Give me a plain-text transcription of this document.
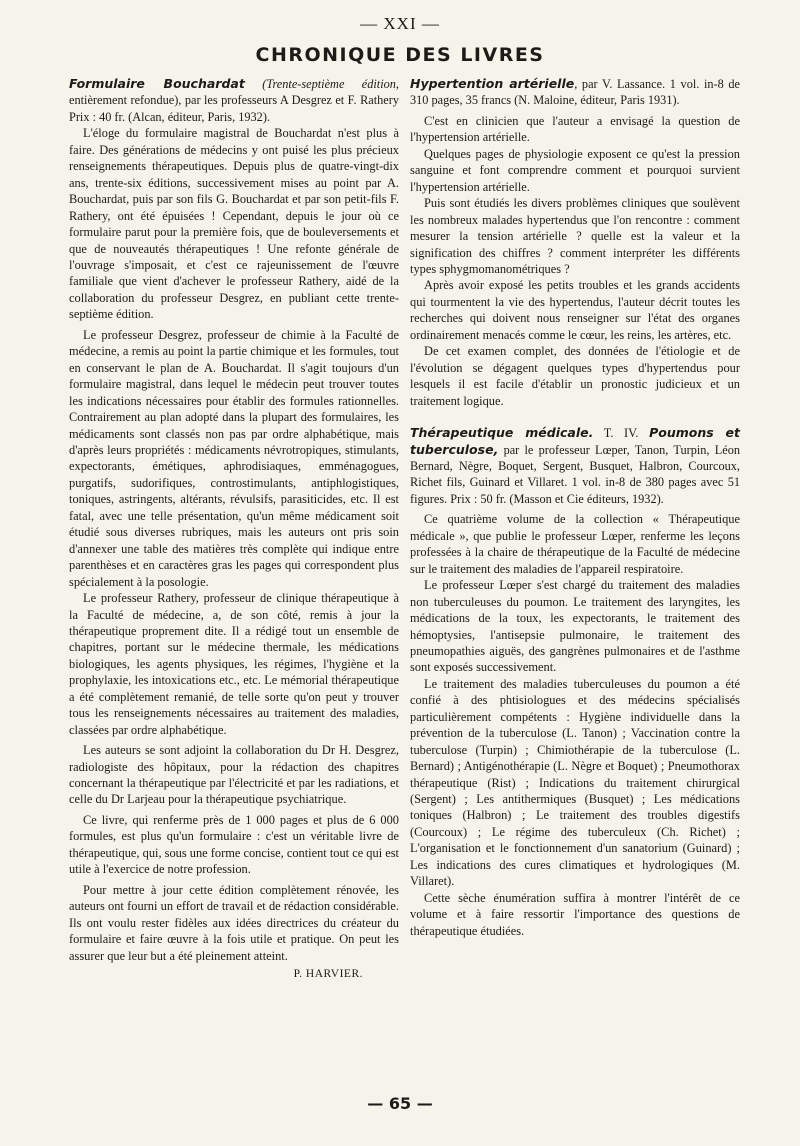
— XXI —
CHRONIQUE DES LIVRES

Formulaire Bouchardat (Trente-septième édition, entièrement refondue), par les professeurs A Desgrez et F. Rathery Prix : 40 fr. (Alcan, éditeur, Paris, 1932).

L'éloge du formulaire magistral de Bouchardat n'est plus à faire. Des générations de médecins y ont puisé les plus précieux renseignements thérapeutiques. Depuis plus de quatre-vingt-dix ans, trente-six éditions, successivement mises au point par A. Bouchardat, puis par son fils G. Bouchardat et par son petit-fils F. Rathery, ont été épuisées ! Cependant, depuis le jour où ce formulaire parut pour la première fois, que de bouleversements et que de nouveautés thérapeutiques ! Une refonte générale de l'ouvrage s'imposait, et c'est ce rajeunissement de l'œuvre familiale que vient d'achever le professeur Rathery, aidé de la collaboration du professeur Desgrez, en publiant cette trente-septième édition.

Le professeur Desgrez, professeur de chimie à la Faculté de médecine, a remis au point la partie chimique et les formules, tout en conservant le plan de A. Bouchardat. Il s'agit toujours d'un formulaire magistral, dans lequel le médecin peut trouver toutes les indications nécessaires pour établir des formules rationnelles. Contrairement au plan adopté dans la plupart des formulaires, les médicaments sont classés non pas par ordre alphabétique, mais d'après leurs propriétés : médicaments névrotropiques, stimulants, expectorants, émétiques, aphrodisiaques, emménagogues, purgatifs, sudorifiques, controstimulants, antiphlogistiques, toniques, astringents, altérants, révulsifs, parasiticides, etc. Il est fatal, avec une telle présentation, qu'un même médicament soit étudié sous diverses rubriques, mais les auteurs ont pris soin d'annexer une table des matières très complète qui indique entre parenthèses et en caractères gras les pages qui correspondent plus spécialement à la posologie.

Le professeur Rathery, professeur de clinique thérapeutique à la Faculté de médecine, a, de son côté, remis à jour la thérapeutique proprement dite. Il a rédigé tout un ensemble de chapitres, portant sur le médecine thermale, les médications biologiques, les agents physiques, les régimes, l'hygiène et la prophylaxie, les intoxications etc., etc. Le mémorial thérapeutique a été complètement remanié, de telle sorte qu'on peut y trouver tous les renseignements nécessaires au traitement des maladies, classées par ordre alphabétique.

Les auteurs se sont adjoint la collaboration du Dr H. Desgrez, radiologiste des hôpitaux, pour la rédaction des chapitres concernant la thérapeutique par l'électricité et par les radiations, et celle du Dr Larjeau pour la thérapeutique psychiatrique.

Ce livre, qui renferme près de 1 000 pages et plus de 6 000 formules, est plus qu'un formulaire : c'est un véritable livre de thérapeutique, qui, sous une forme concise, contient tout ce qui est utile à l'exercice de notre profession.

Pour mettre à jour cette édition complètement rénovée, les auteurs ont fourni un effort de travail et de rédaction considérable. Ils ont voulu rester fidèles aux idées directrices du créateur du formulaire et faire œuvre à la fois utile et pratique. On peut les assurer que leur but a été pleinement atteint.

P. HARVIER.

Hypertention artérielle, par V. Lassance. 1 vol. in-8 de 310 pages, 35 francs (N. Maloine, éditeur, Paris 1931).

C'est en clinicien que l'auteur a envisagé la question de l'hypertension artérielle.

Quelques pages de physiologie exposent ce qu'est la pression sanguine et font comprendre comment et pourquoi survient l'hypertension artérielle.

Puis sont étudiés les divers problèmes cliniques que soulèvent les nombreux malades hypertendus que l'on rencontre : comment mesurer la tension artérielle ? quelle est la valeur et la signification des chiffres ? comment interpréter les différents types sphygmomanométriques ?

Après avoir exposé les petits troubles et les grands accidents qui tourmentent la vie des hypertendus, l'auteur décrit toutes les recherches qui doivent nous renseigner sur l'état des organes ordinairement menacés comme le cœur, les reins, les artères, etc.

De cet examen complet, des données de l'étiologie et de l'évolution se dégagent quelques types d'hypertendus pour lesquels il est facile d'établir un pronostic judicieux et un traitement logique.

Thérapeutique médicale. T. IV. Poumons et tuberculose, par le professeur Lœper, Tanon, Turpin, Léon Bernard, Nègre, Boquet, Sergent, Busquet, Halbron, Courcoux, Richet fils, Guinard et Villaret. 1 vol. in-8 de 380 pages avec 51 figures. Prix : 50 fr. (Masson et Cie éditeurs, 1932).

Ce quatrième volume de la collection « Thérapeutique médicale », que publie le professeur Lœper, renferme les leçons professées à la chaire de thérapeutique de la Faculté de médecine sur le traitement des maladies de l'appareil respiratoire.

Le professeur Lœper s'est chargé du traitement des maladies non tuberculeuses du poumon. Le traitement des laryngites, les médications de la toux, les expectorants, le traitement des hémoptysies, l'antisepsie pulmonaire, le traitement des pneumopathies aiguës, des gangrènes pulmonaires et de l'asthme sont exposés successivement.

Le traitement des maladies tuberculeuses du poumon a été confié à des phtisiologues et des médecins spécialisés particulièrement compétents : Hygiène individuelle dans la prévention de la tuberculose (L. Tanon) ; Vaccination contre la tuberculose (Turpin) ; Chimiothérapie de la tuberculose (L. Bernard) ; Antigénothérapie (L. Nègre et Boquet) ; Pneumothorax thérapeutique (Rist) ; Indications du traitement chirurgical (Sergent) ; Les antithermiques (Busquet) ; Les médications toniques (Halbron) ; Le traitement des troubles digestifs (Courcoux) ; Le régime des tuberculeux (Ch. Richet) ; L'organisation et le fonctionnement d'un sanatorium (Guinard) ; Les indications des cures climatiques et hydrologiques (M. Villaret).

Cette sèche énumération suffira à montrer l'intérêt de ce volume et à faire ressortir l'importance des questions de thérapeutique étudiées.

— 65 —
